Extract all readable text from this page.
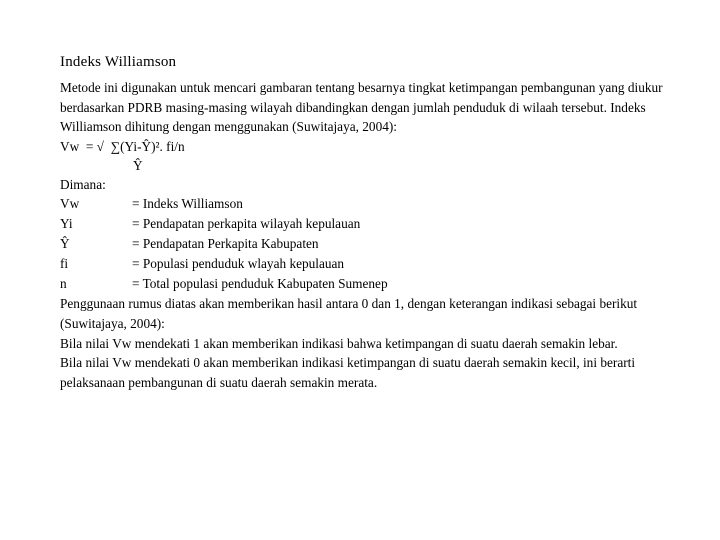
Indeks Williamson

Metode ini digunakan untuk mencari gambaran tentang besarnya tingkat ketimpangan pembangunan yang diukur berdasarkan PDRB masing-masing wilayah dibandingkan dengan jumlah penduduk di wilaah tersebut. Indeks Williamson dihitung dengan menggunakan (Suwitajaya, 2004):

Vw  = √  ∑(Yi-Ŷ)². fi/n

Ŷ

Dimana:

Vw	= Indeks Williamson
Yi	= Pendapatan perkapita wilayah kepulauan
Ŷ	= Pendapatan Perkapita Kabupaten
fi	= Populasi penduduk wlayah kepulauan
n	= Total populasi penduduk Kabupaten Sumenep

Penggunaan rumus diatas akan memberikan hasil antara 0 dan 1, dengan keterangan indikasi sebagai berikut (Suwitajaya, 2004):

Bila nilai Vw mendekati 1 akan memberikan indikasi bahwa ketimpangan di suatu daerah semakin lebar.

Bila nilai Vw mendekati 0 akan memberikan indikasi ketimpangan di suatu daerah semakin kecil, ini berarti pelaksanaan pembangunan di suatu daerah semakin merata.
